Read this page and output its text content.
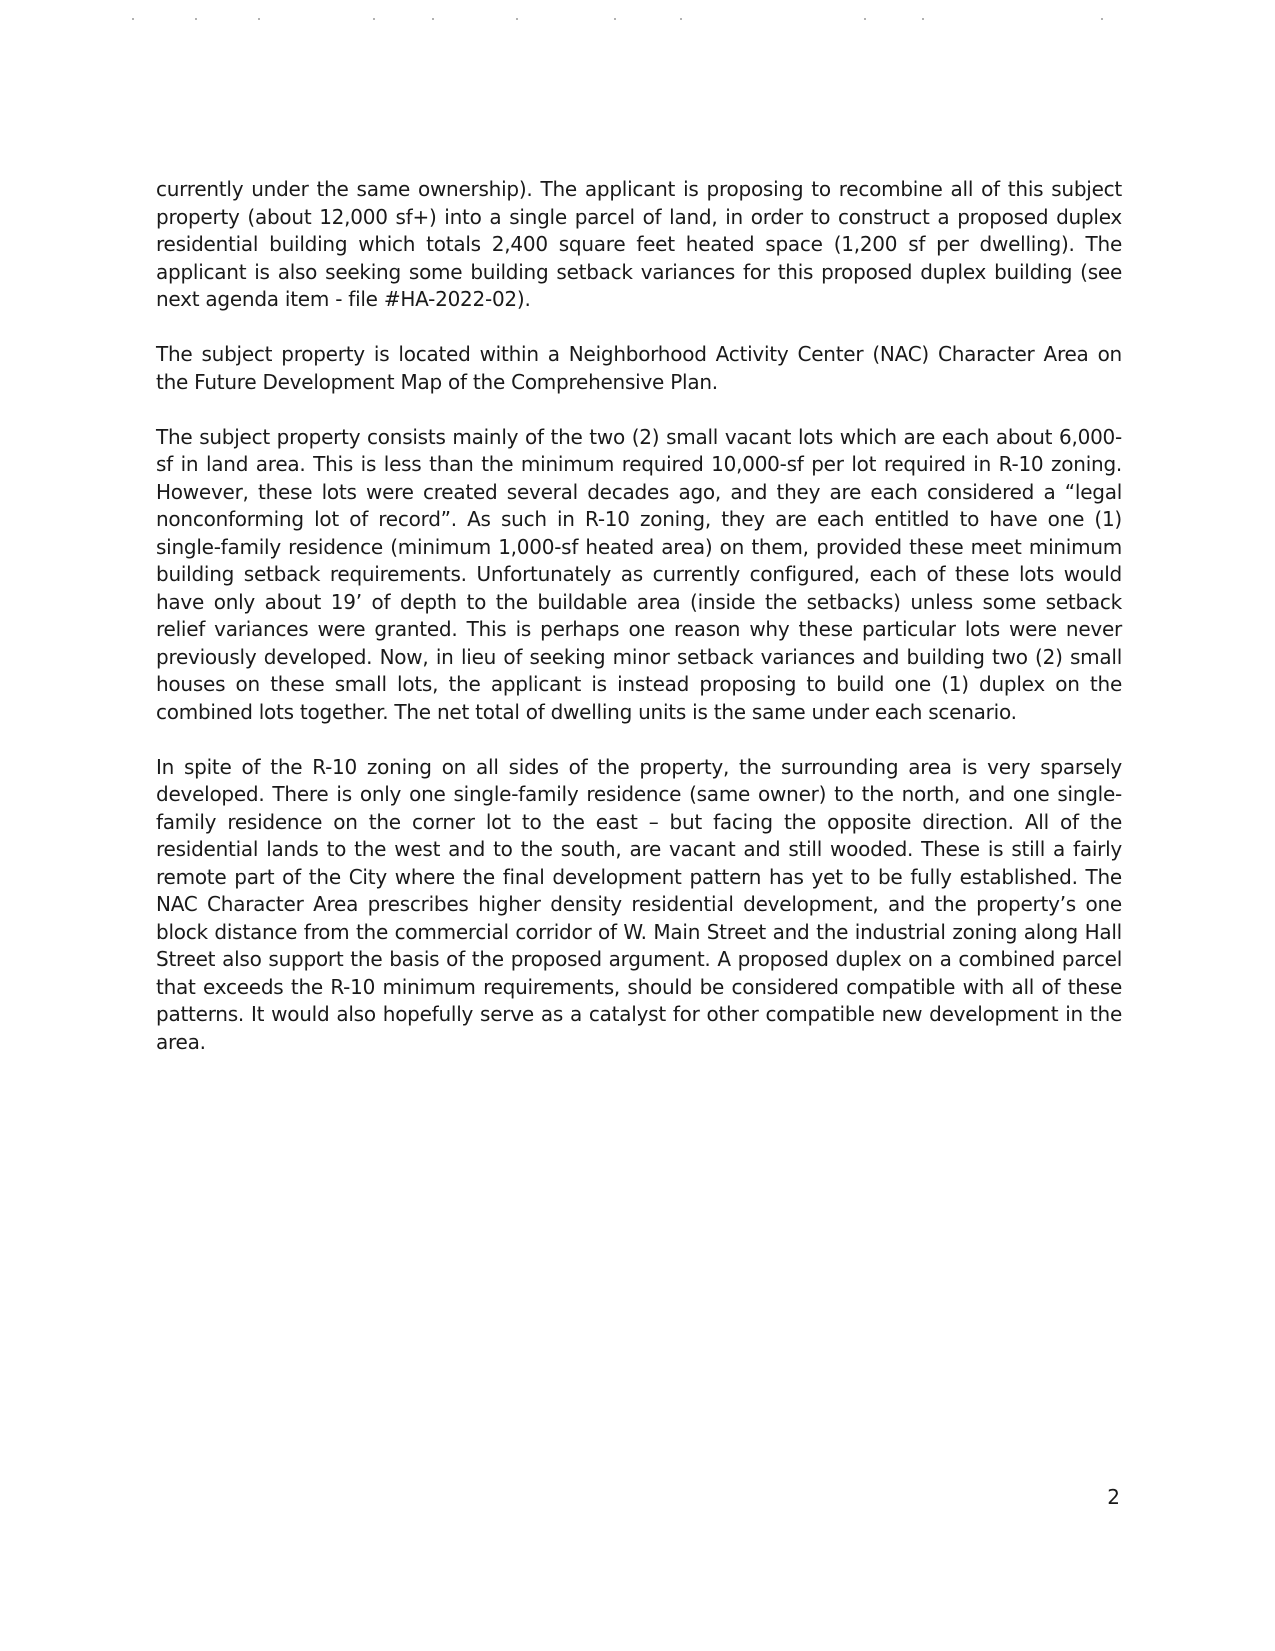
currently under the same ownership). The applicant is proposing to recombine all of this subject property (about 12,000 sf+) into a single parcel of land, in order to construct a proposed duplex residential building which totals 2,400 square feet heated space (1,200 sf per dwelling). The applicant is also seeking some building setback variances for this proposed duplex building (see next agenda item - file #HA-2022-02).

The subject property is located within a Neighborhood Activity Center (NAC) Character Area on the Future Development Map of the Comprehensive Plan.

The subject property consists mainly of the two (2) small vacant lots which are each about 6,000-sf in land area. This is less than the minimum required 10,000-sf per lot required in R-10 zoning. However, these lots were created several decades ago, and they are each considered a “legal nonconforming lot of record”. As such in R-10 zoning, they are each entitled to have one (1) single-family residence (minimum 1,000-sf heated area) on them, provided these meet minimum building setback requirements. Unfortunately as currently configured, each of these lots would have only about 19’ of depth to the buildable area (inside the setbacks) unless some setback relief variances were granted. This is perhaps one reason why these particular lots were never previously developed. Now, in lieu of seeking minor setback variances and building two (2) small houses on these small lots, the applicant is instead proposing to build one (1) duplex on the combined lots together. The net total of dwelling units is the same under each scenario.

In spite of the R-10 zoning on all sides of the property, the surrounding area is very sparsely developed. There is only one single-family residence (same owner) to the north, and one single-family residence on the corner lot to the east – but facing the opposite direction. All of the residential lands to the west and to the south, are vacant and still wooded. These is still a fairly remote part of the City where the final development pattern has yet to be fully established. The NAC Character Area prescribes higher density residential development, and the property’s one block distance from the commercial corridor of W. Main Street and the industrial zoning along Hall Street also support the basis of the proposed argument. A proposed duplex on a combined parcel that exceeds the R-10 minimum requirements, should be considered compatible with all of these patterns. It would also hopefully serve as a catalyst for other compatible new development in the area.

2
